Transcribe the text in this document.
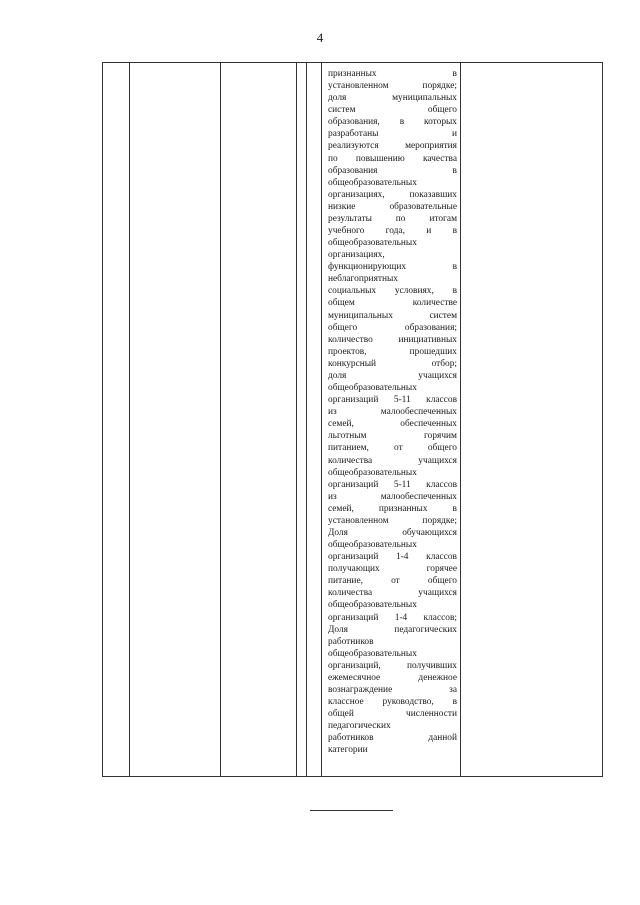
4
признанных в
установленном порядке;
доля муниципальных
систем общего
образования, в которых
разработаны и
реализуются мероприятия
по повышению качества
образования в
общеобразовательных
организациях, показавших
низкие образовательные
результаты по итогам
учебного года, и в
общеобразовательных
организациях,
функционирующих в
неблагоприятных
социальных условиях, в
общем количестве
муниципальных систем
общего образования;
количество инициативных
проектов, прошедших
конкурсный отбор;
доля учащихся
общеобразовательных
организаций 5-11 классов
из малообеспеченных
семей, обеспеченных
льготным горячим
питанием, от общего
количества учащихся
общеобразовательных
организаций 5-11 классов
из малообеспеченных
семей, признанных в
установленном порядке;
Доля обучающихся
общеобразовательных
организаций 1-4 классов
получающих горячее
питание, от общего
количества учащихся
общеобразовательных
организаций 1-4 классов;
Доля педагогических
работников
общеобразовательных
организаций, получивших
ежемесячное денежное
вознаграждение за
классное руководство, в
общей численности
педагогических
работников данной
категории
